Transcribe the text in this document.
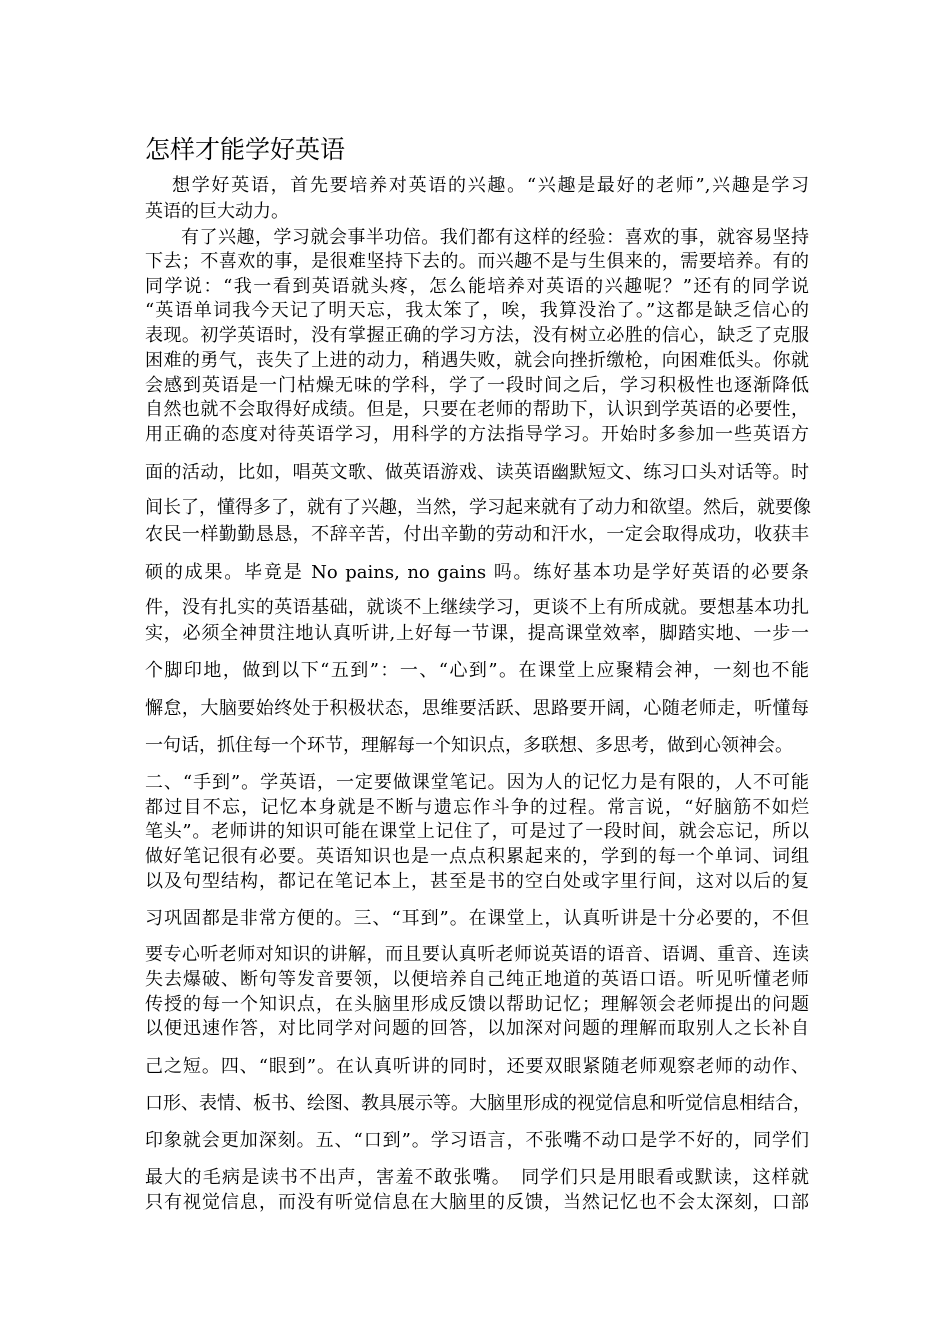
怎样才能学好英语
想学好英语，首先要培养对英语的兴趣。“兴趣是最好的老师”,兴趣是学习
英语的巨大动力。
有了兴趣，学习就会事半功倍。我们都有这样的经验：喜欢的事，就容易坚持
下去；不喜欢的事，是很难坚持下去的。而兴趣不是与生俱来的，需要培养。有的
同学说：“我一看到英语就头疼，怎么能培养对英语的兴趣呢？”还有的同学说
“英语单词我今天记了明天忘，我太笨了，唉，我算没治了。”这都是缺乏信心的
表现。初学英语时，没有掌握正确的学习方法，没有树立必胜的信心，缺乏了克服
困难的勇气，丧失了上进的动力，稍遇失败，就会向挫折缴枪，向困难低头。你就
会感到英语是一门枯燥无味的学科，学了一段时间之后，学习积极性也逐渐降低
自然也就不会取得好成绩。但是，只要在老师的帮助下，认识到学英语的必要性，
用正确的态度对待英语学习，用科学的方法指导学习。开始时多参加一些英语方
面的活动，比如，唱英文歌、做英语游戏、读英语幽默短文、练习口头对话等。时
间长了，懂得多了，就有了兴趣，当然，学习起来就有了动力和欲望。然后，就要像
农民一样勤勤恳恳，不辞辛苦，付出辛勤的劳动和汗水，一定会取得成功，收获丰
硕的成果。毕竟是 No pains, no gains 吗。练好基本功是学好英语的必要条
件，没有扎实的英语基础，就谈不上继续学习，更谈不上有所成就。要想基本功扎
实，必须全神贯注地认真听讲,上好每一节课，提高课堂效率，脚踏实地、一步一
个脚印地，做到以下“五到”：一、“心到”。在课堂上应聚精会神，一刻也不能
懈怠，大脑要始终处于积极状态，思维要活跃、思路要开阔，心随老师走，听懂每
一句话，抓住每一个环节，理解每一个知识点，多联想、多思考，做到心领神会。
二、“手到”。学英语，一定要做课堂笔记。因为人的记忆力是有限的，人不可能
都过目不忘，记忆本身就是不断与遗忘作斗争的过程。常言说，“好脑筋不如烂
笔头”。老师讲的知识可能在课堂上记住了，可是过了一段时间，就会忘记，所以
做好笔记很有必要。英语知识也是一点点积累起来的，学到的每一个单词、词组
以及句型结构，都记在笔记本上，甚至是书的空白处或字里行间，这对以后的复
习巩固都是非常方便的。三、“耳到”。在课堂上，认真听讲是十分必要的，不但
要专心听老师对知识的讲解，而且要认真听老师说英语的语音、语调、重音、连读
失去爆破、断句等发音要领，以便培养自己纯正地道的英语口语。听见听懂老师
传授的每一个知识点，在头脑里形成反馈以帮助记忆；理解领会老师提出的问题
以便迅速作答，对比同学对问题的回答，以加深对问题的理解而取别人之长补自
己之短。四、“眼到”。在认真听讲的同时，还要双眼紧随老师观察老师的动作、
口形、表情、板书、绘图、教具展示等。大脑里形成的视觉信息和听觉信息相结合，
印象就会更加深刻。五、“口到”。学习语言，不张嘴不动口是学不好的，同学们
最大的毛病是读书不出声，害羞不敢张嘴。　同学们只是用眼看或默读，这样就
只有视觉信息，而没有听觉信息在大脑里的反馈，当然记忆也不会太深刻，口部
